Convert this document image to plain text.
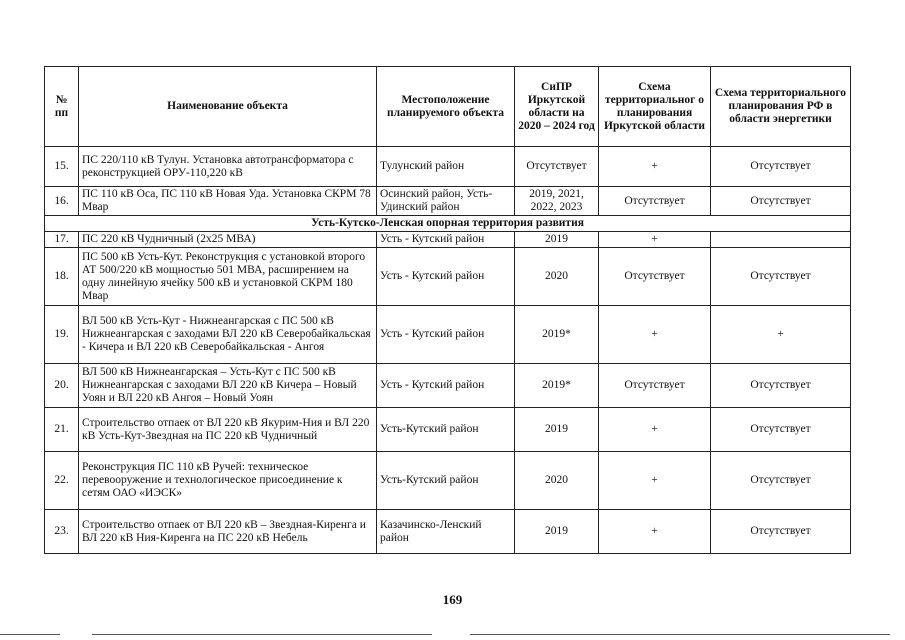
№ пп	Наименование объекта	Местоположение планируемого объекта	СиПР Иркутской области на 2020 – 2024 год	Схема территориальног о планирования Иркутской области	Схема территориального планирования РФ в области энергетики
15.	ПС 220/110 кВ Тулун. Установка автотрансформатора с реконструкцией ОРУ-110,220 кВ	Тулунский район	Отсутствует	+	Отсутствует
16.	ПС 110 кВ Оса, ПС 110 кВ Новая Уда. Установка СКРМ 78 Мвар	Осинский район, Усть-Удинский район	2019, 2021, 2022, 2023	Отсутствует	Отсутствует
Усть-Кутско-Ленская опорная территория развития					
17.	ПС 220 кВ Чудничный (2х25 МВА)	Усть - Кутский район	2019	+	
18.	ПС 500 кВ Усть-Кут. Реконструкция с установкой второго АТ 500/220 кВ мощностью 501 МВА, расширением на одну линейную ячейку 500 кВ и установкой СКРМ 180 Мвар	Усть - Кутский район	2020	Отсутствует	Отсутствует
19.	ВЛ 500 кВ Усть-Кут - Нижнеангарская с ПС 500 кВ Нижнеангарская с заходами ВЛ 220 кВ Северобайкальская - Кичера и ВЛ 220 кВ Северобайкальская - Ангоя	Усть - Кутский район	2019*	+	+
20.	ВЛ 500 кВ Нижнеангарская – Усть-Кут с ПС 500 кВ Нижнеангарская с заходами ВЛ 220 кВ Кичера – Новый Уоян и ВЛ 220 кВ Ангоя – Новый Уоян	Усть - Кутский район	2019*	Отсутствует	Отсутствует
21.	Строительство отпаек от ВЛ 220 кВ Якурим-Ния и ВЛ 220 кВ Усть-Кут-Звездная на ПС 220 кВ Чудничный	Усть-Кутский район	2019	+	Отсутствует
22.	Реконструкция ПС 110 кВ Ручей: техническое перевооружение и технологическое присоединение к сетям ОАО «ИЭСК»	Усть-Кутский район	2020	+	Отсутствует
23.	Строительство отпаек от ВЛ 220 кВ – Звездная-Киренга и ВЛ 220 кВ Ния-Киренга на ПС 220 кВ Небель	Казачинско-Ленский район	2019	+	Отсутствует
169
